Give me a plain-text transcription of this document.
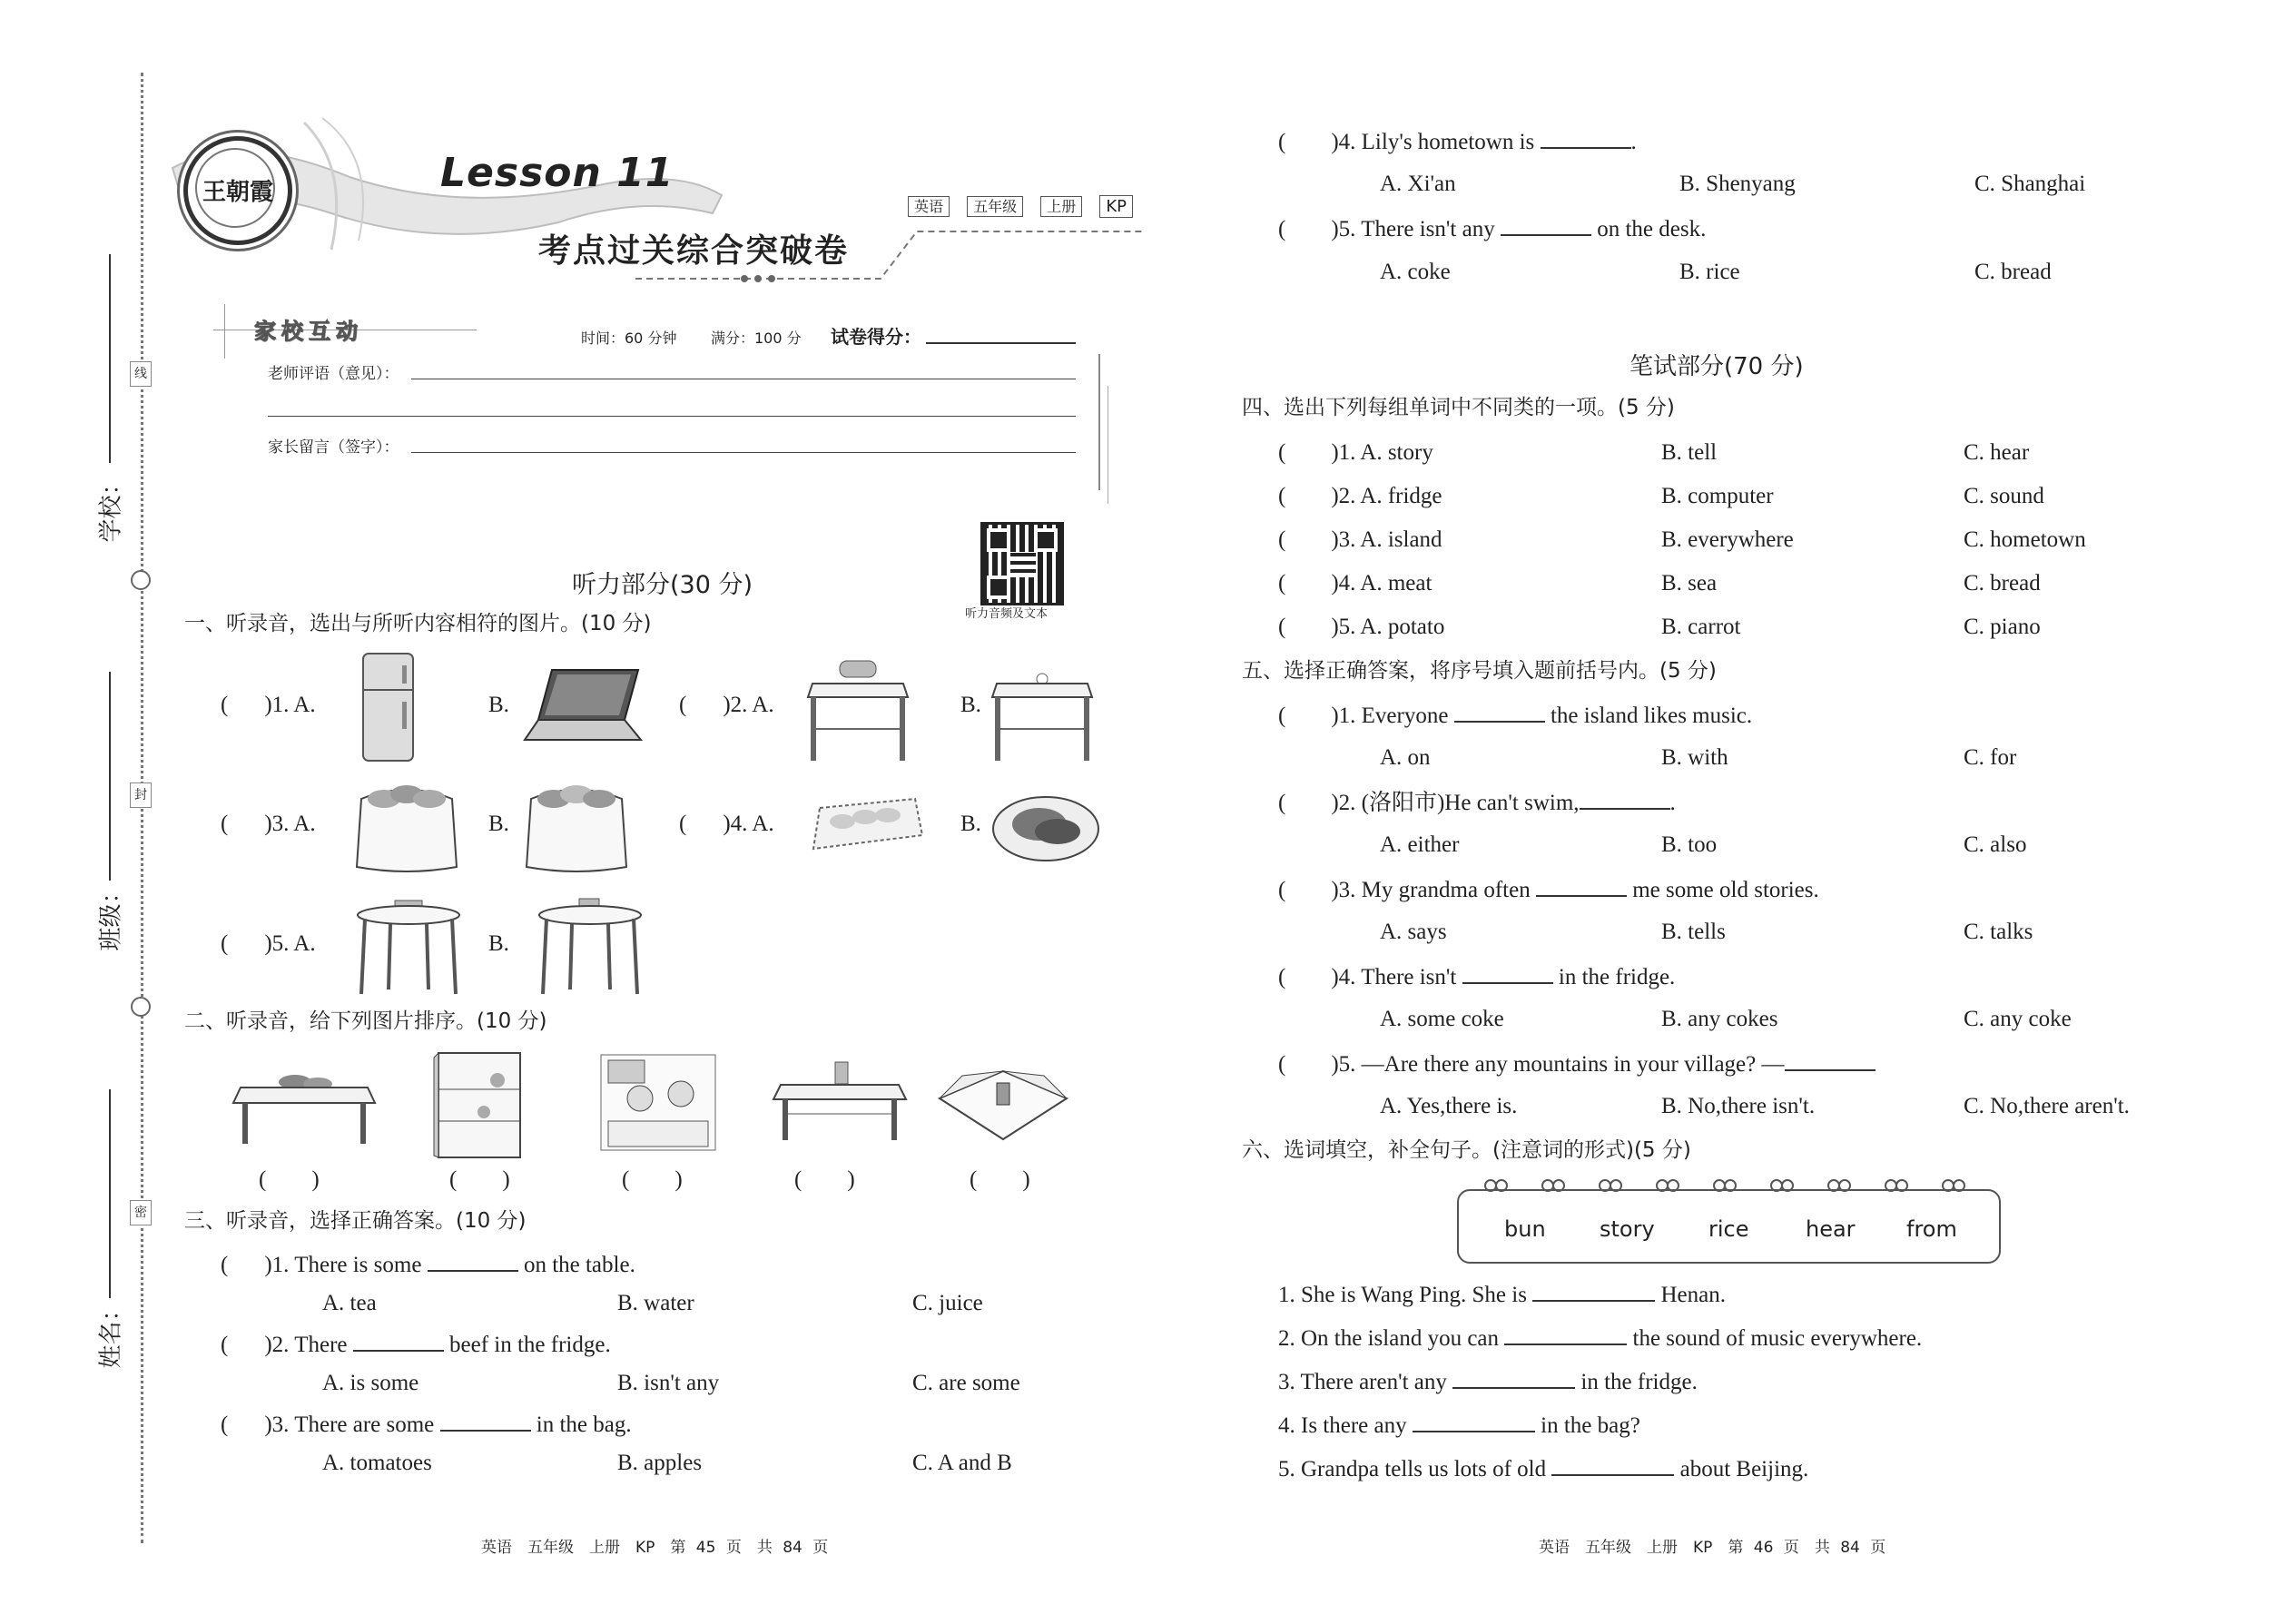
学校：
班级：
姓名：
线
封
密
王朝霞	Lesson 11
考点过关综合突破卷
英语 五年级 上册 KP
家校互动	时间：60 分钟 满分：100 分 试卷得分：
老师评语（意见）：
家长留言（签字）：
听力音频及文本
听力部分(30 分)
一、听录音，选出与所听内容相符的图片。(10 分)
( )1. A.	B.	( )2. A.	B.
( )3. A.	B.	( )4. A.	B.
( )5. A.	B.
二、听录音，给下列图片排序。(10 分)
(　　)	(　　)	(　　)	(　　)	(　　)
三、听录音，选择正确答案。(10 分)
( )1. There is some	on the table.
A. tea	B. water	C. juice
( )2. There	beef in the fridge.
A. is some	B. isn't any	C. are some
( )3. There are some	in the bag.
A. tomatoes	B. apples	C. A and B
英语　五年级　上册　KP　第 45 页　共 84 页
( )4. Lily's hometown is	.
A. Xi'an	B. Shenyang	C. Shanghai
( )5. There isn't any	on the desk.
A. coke	B. rice	C. bread
笔试部分(70 分)
四、选出下列每组单词中不同类的一项。(5 分)
( )1. A. story	B. tell	C. hear
( )2. A. fridge	B. computer	C. sound
( )3. A. island	B. everywhere	C. hometown
( )4. A. meat	B. sea	C. bread
( )5. A. potato	B. carrot	C. piano
五、选择正确答案，将序号填入题前括号内。(5 分)
( )1. Everyone	the island likes music.
A. on	B. with	C. for
( )2. (洛阳市)He can't swim,	.
A. either	B. too	C. also
( )3. My grandma often	me some old stories.
A. says	B. tells	C. talks
( )4. There isn't	in the fridge.
A. some coke	B. any cokes	C. any coke
( )5. —Are there any mountains in your village? —
A. Yes,there is.	B. No,there isn't.	C. No,there aren't.
六、选词填空，补全句子。(注意词的形式)(5 分)
bun story rice	hear from
1. She is Wang Ping. She is	Henan.
2. On the island you can	the sound of music everywhere.
3. There aren't any	in the fridge.
4. Is there any	in the bag?
5. Grandpa tells us lots of old	about Beijing.
英语　五年级　上册　KP　第 46 页　共 84 页
